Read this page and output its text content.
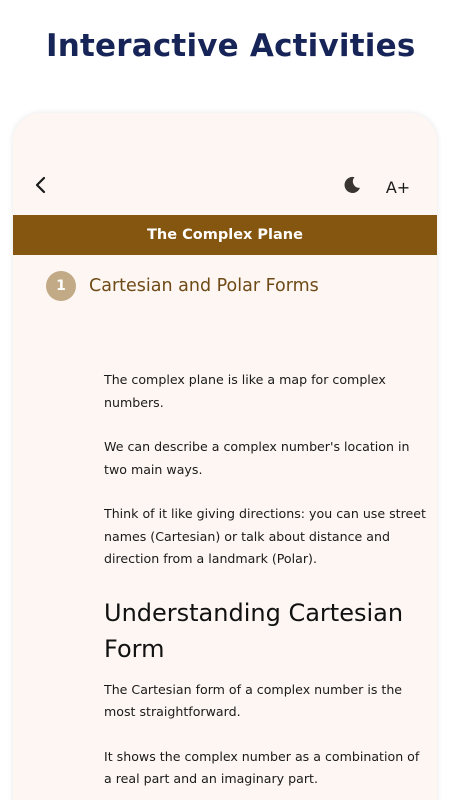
Interactive Activities
A+
The Complex Plane
1	Cartesian and Polar Forms

The complex plane is like a map for complex numbers.

We can describe a complex number's location in two main ways.

Think of it like giving directions: you can use street names (Cartesian) or talk about distance and direction from a landmark (Polar).

Understanding Cartesian Form

The Cartesian form of a complex number is the most straightforward.

It shows the complex number as a combination of a real part and an imaginary part.
